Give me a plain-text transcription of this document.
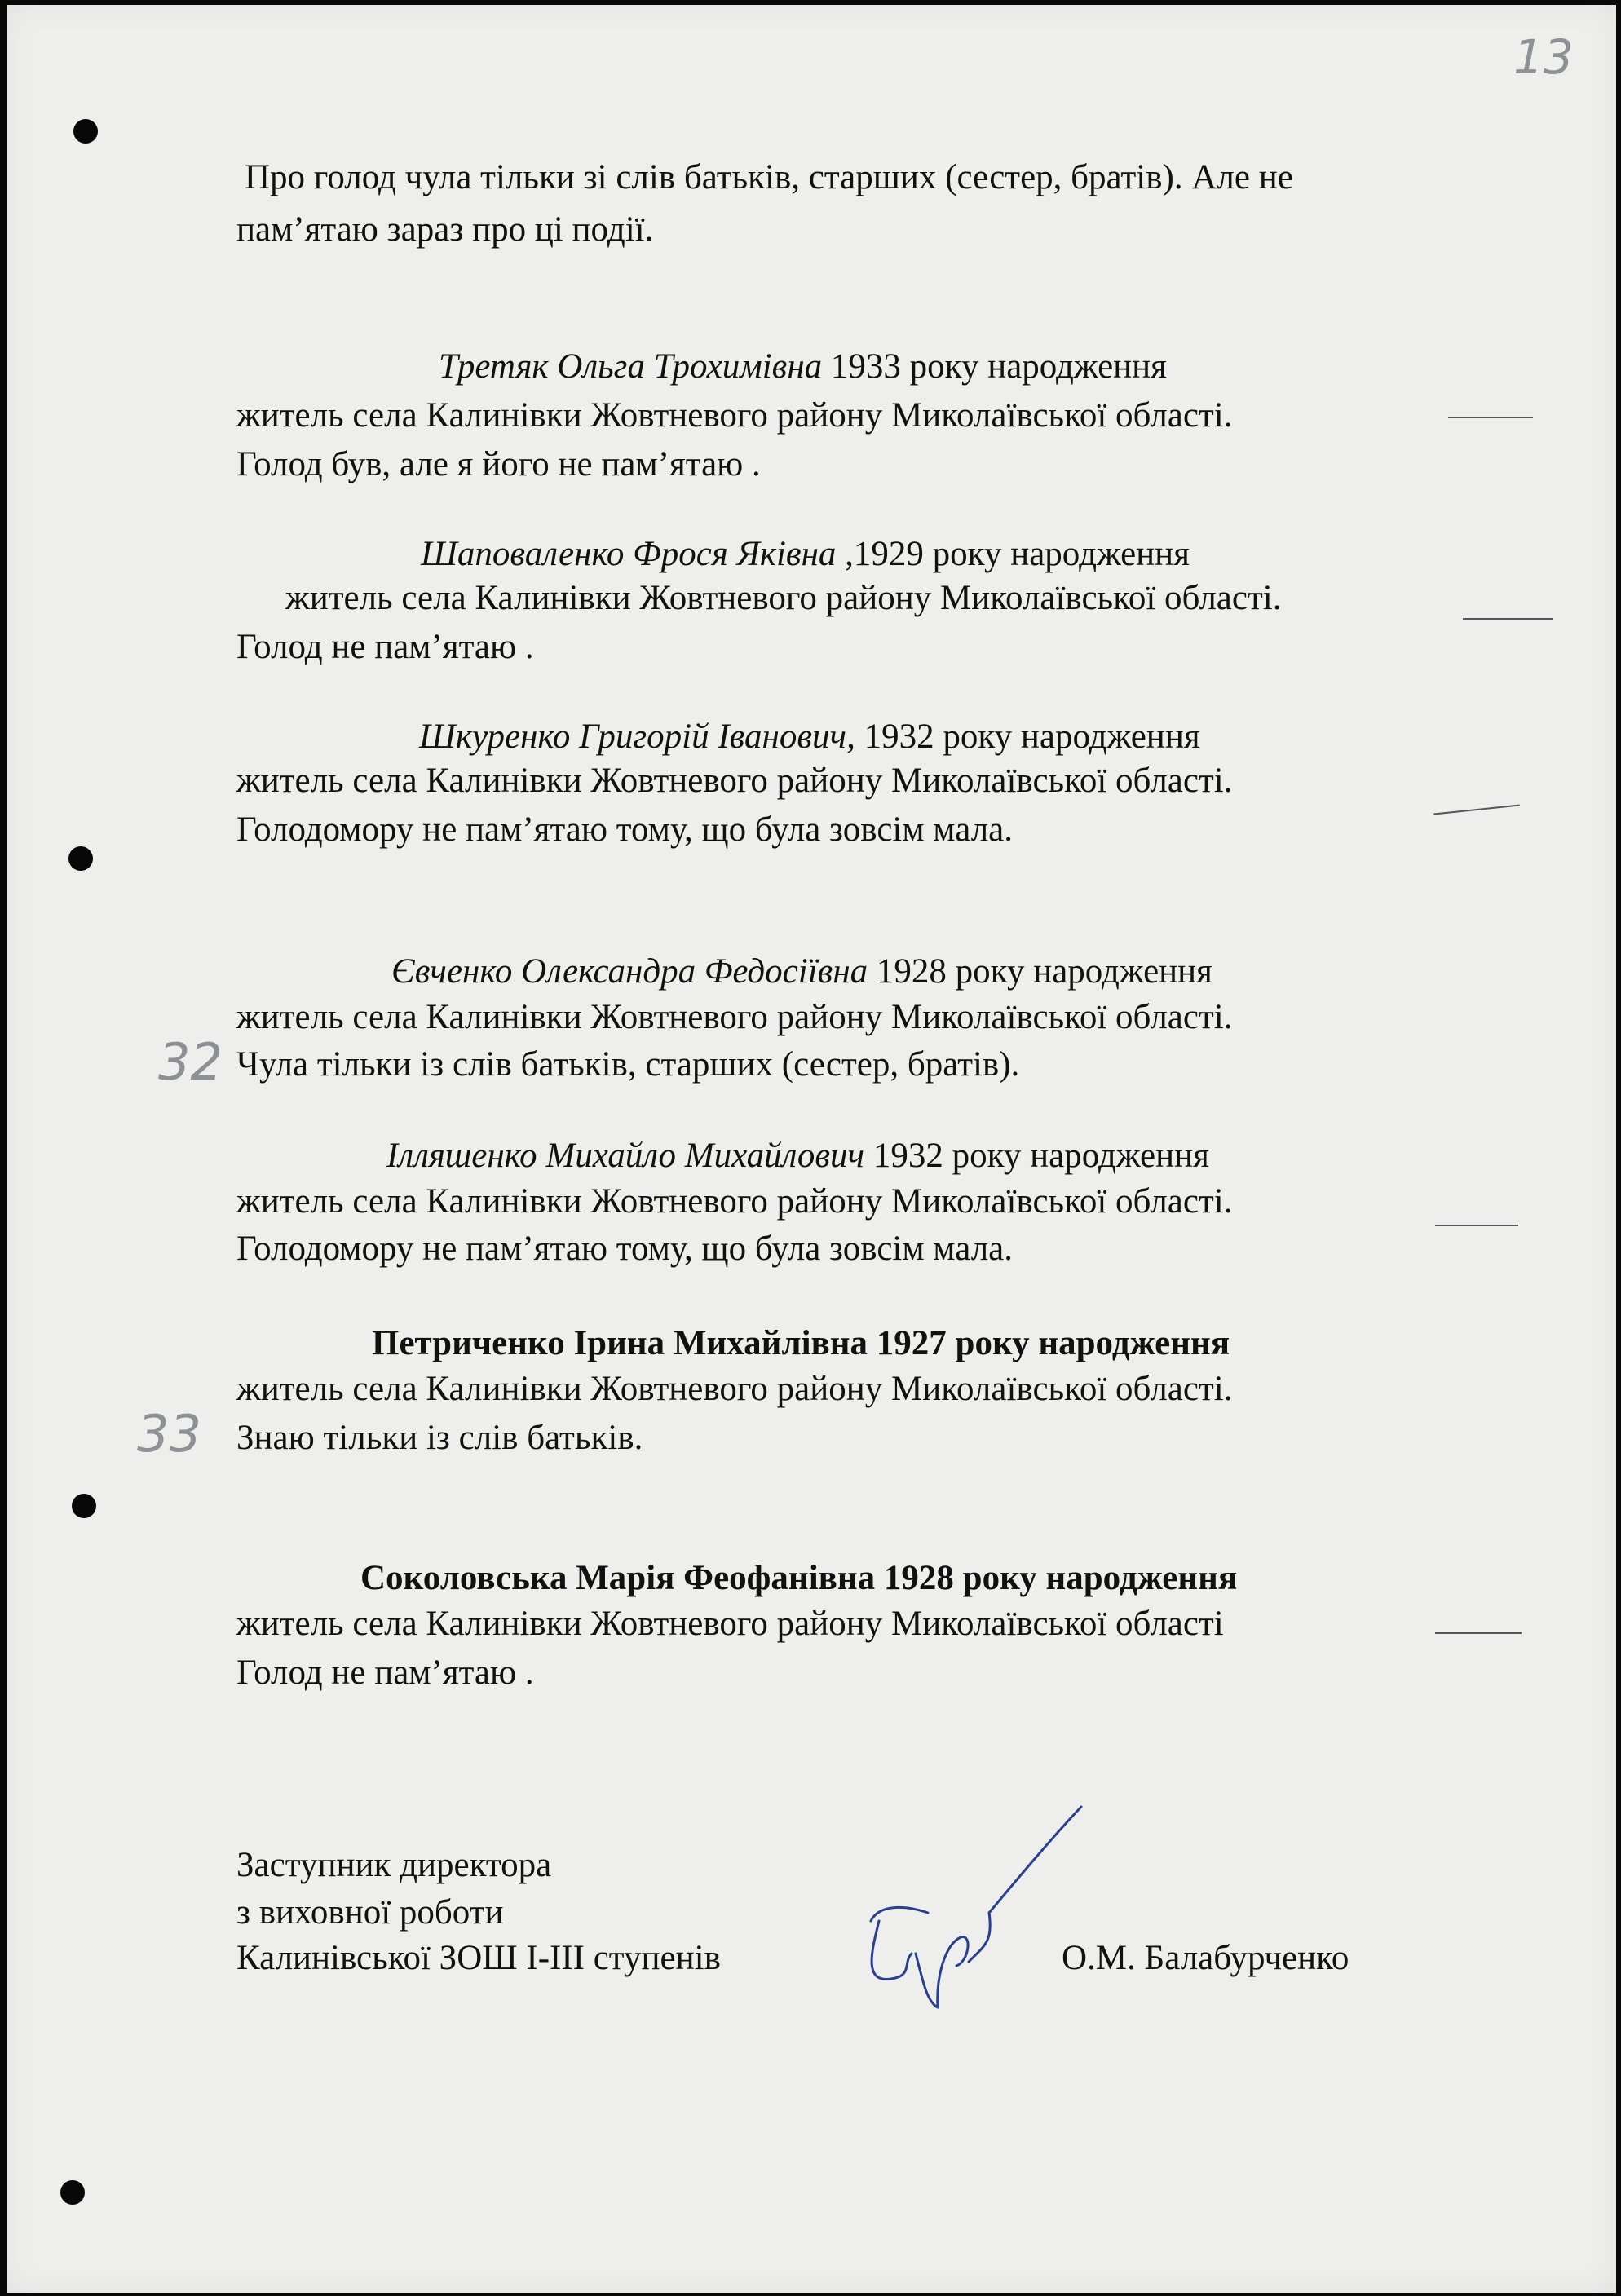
13

Про голод чула тільки зі слів батьків, старших (сестер, братів). Але не

пам’ятаю зараз про ці події.

Третяк Ольга Трохимівна 1933 року народження

житель села Калинівки Жовтневого району Миколаївської області.

Голод був, але я його не пам’ятаю .

Шаповаленко Фрося Яківна ,1929 року народження

житель села Калинівки Жовтневого району Миколаївської області.

Голод не пам’ятаю .

Шкуренко Григорій Іванович, 1932 року народження

житель села Калинівки Жовтневого району Миколаївської області.

Голодомору не пам’ятаю тому, що була зовсім мала.

Євченко Олександра Федосіївна 1928 року народження

житель села Калинівки Жовтневого району Миколаївської області.

Чула тільки із слів батьків, старших (сестер, братів).

32

Ілляшенко Михайло Михайлович 1932 року народження

житель села Калинівки Жовтневого району Миколаївської області.

Голодомору не пам’ятаю тому, що була зовсім мала.

Петриченко Ірина Михайлівна 1927 року народження

житель села Калинівки Жовтневого району Миколаївської області.

Знаю тільки із слів батьків.

33

Соколовська Марія Феофанівна 1928 року народження

житель села Калинівки Жовтневого району Миколаївської області

Голод не пам’ятаю .

Заступник директора

з виховної роботи

Калинівської ЗОШ І-ІІІ ступенів	О.М. Балабурченко
